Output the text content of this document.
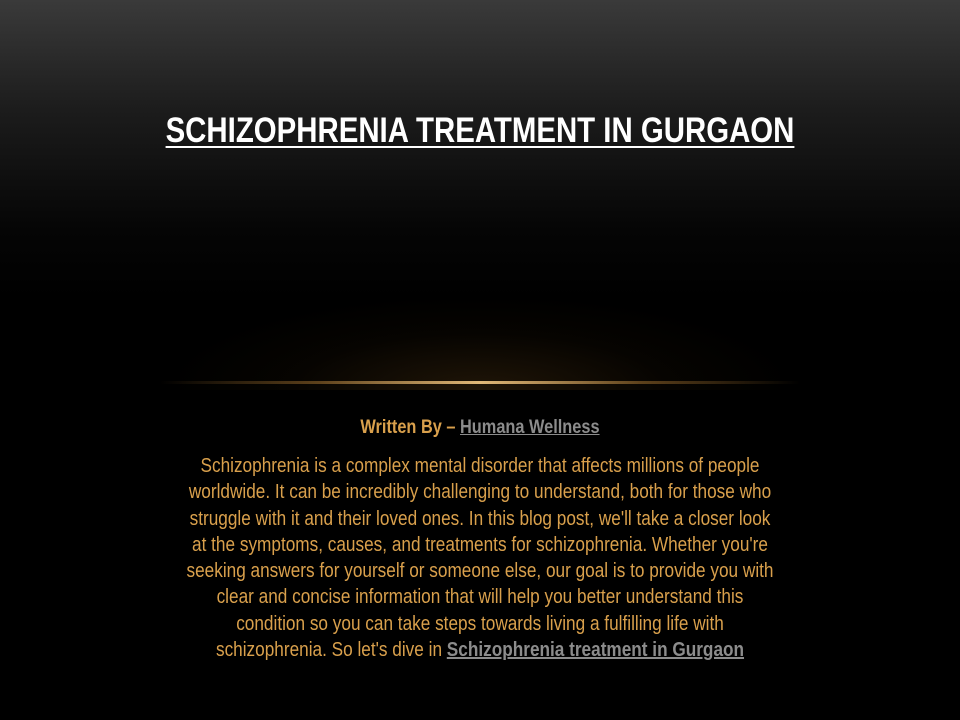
SCHIZOPHRENIA TREATMENT IN GURGAON
Written By – Humana Wellness
Schizophrenia is a complex mental disorder that affects millions of people
worldwide. It can be incredibly challenging to understand, both for those who
struggle with it and their loved ones. In this blog post, we'll take a closer look
at the symptoms, causes, and treatments for schizophrenia. Whether you're
seeking answers for yourself or someone else, our goal is to provide you with
clear and concise information that will help you better understand this
condition so you can take steps towards living a fulfilling life with
schizophrenia. So let's dive in Schizophrenia treatment in Gurgaon
